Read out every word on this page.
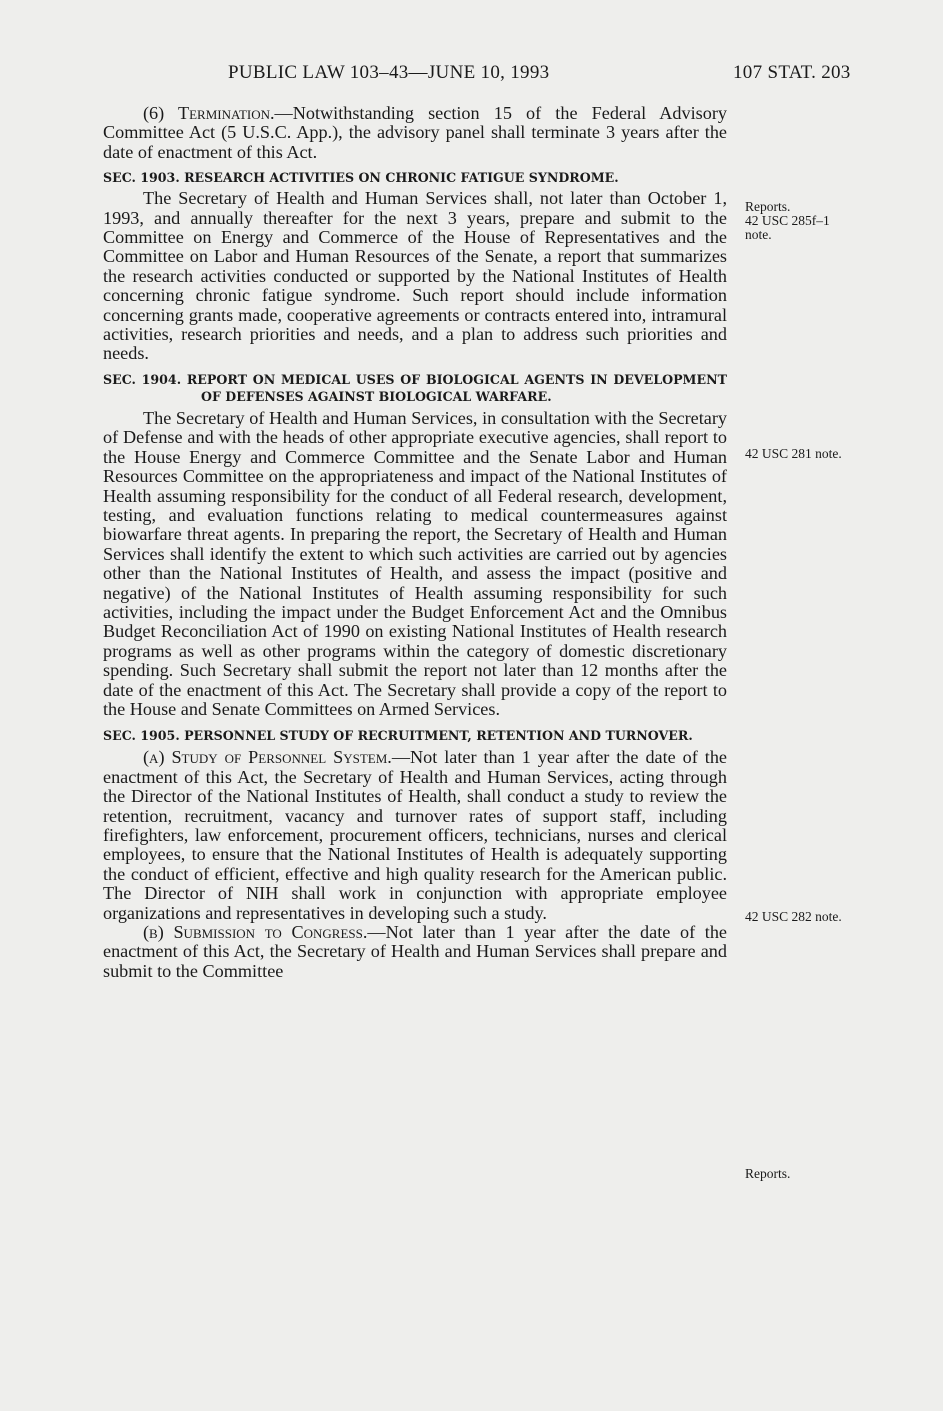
PUBLIC LAW 103–43—JUNE 10, 1993	107 STAT. 203

(6) Termination.—Notwithstanding section 15 of the Federal Advisory Committee Act (5 U.S.C. App.), the advisory panel shall terminate 3 years after the date of enactment of this Act.

SEC. 1903. RESEARCH ACTIVITIES ON CHRONIC FATIGUE SYNDROME.

The Secretary of Health and Human Services shall, not later than October 1, 1993, and annually thereafter for the next 3 years, prepare and submit to the Committee on Energy and Commerce of the House of Representatives and the Committee on Labor and Human Resources of the Senate, a report that summarizes the research activities conducted or supported by the National Institutes of Health concerning chronic fatigue syndrome. Such report should include information concerning grants made, cooperative agreements or contracts entered into, intramural activities, research priorities and needs, and a plan to address such priorities and needs.

SEC. 1904. REPORT ON MEDICAL USES OF BIOLOGICAL AGENTS IN DEVELOPMENT OF DEFENSES AGAINST BIOLOGICAL WARFARE.

The Secretary of Health and Human Services, in consultation with the Secretary of Defense and with the heads of other appropriate executive agencies, shall report to the House Energy and Commerce Committee and the Senate Labor and Human Resources Committee on the appropriateness and impact of the National Institutes of Health assuming responsibility for the conduct of all Federal research, development, testing, and evaluation functions relating to medical countermeasures against biowarfare threat agents. In preparing the report, the Secretary of Health and Human Services shall identify the extent to which such activities are carried out by agencies other than the National Institutes of Health, and assess the impact (positive and negative) of the National Institutes of Health assuming responsibility for such activities, including the impact under the Budget Enforcement Act and the Omnibus Budget Reconciliation Act of 1990 on existing National Institutes of Health research programs as well as other programs within the category of domestic discretionary spending. Such Secretary shall submit the report not later than 12 months after the date of the enactment of this Act. The Secretary shall provide a copy of the report to the House and Senate Committees on Armed Services.

SEC. 1905. PERSONNEL STUDY OF RECRUITMENT, RETENTION AND TURNOVER.

(a) Study of Personnel System.—Not later than 1 year after the date of the enactment of this Act, the Secretary of Health and Human Services, acting through the Director of the National Institutes of Health, shall conduct a study to review the retention, recruitment, vacancy and turnover rates of support staff, including firefighters, law enforcement, procurement officers, technicians, nurses and clerical employees, to ensure that the National Institutes of Health is adequately supporting the conduct of efficient, effective and high quality research for the American public. The Director of NIH shall work in conjunction with appropriate employee organizations and representatives in developing such a study.

(b) Submission to Congress.—Not later than 1 year after the date of the enactment of this Act, the Secretary of Health and Human Services shall prepare and submit to the Committee

Reports.
42 USC 285f–1
note.
42 USC 281 note.
42 USC 282 note.
Reports.
